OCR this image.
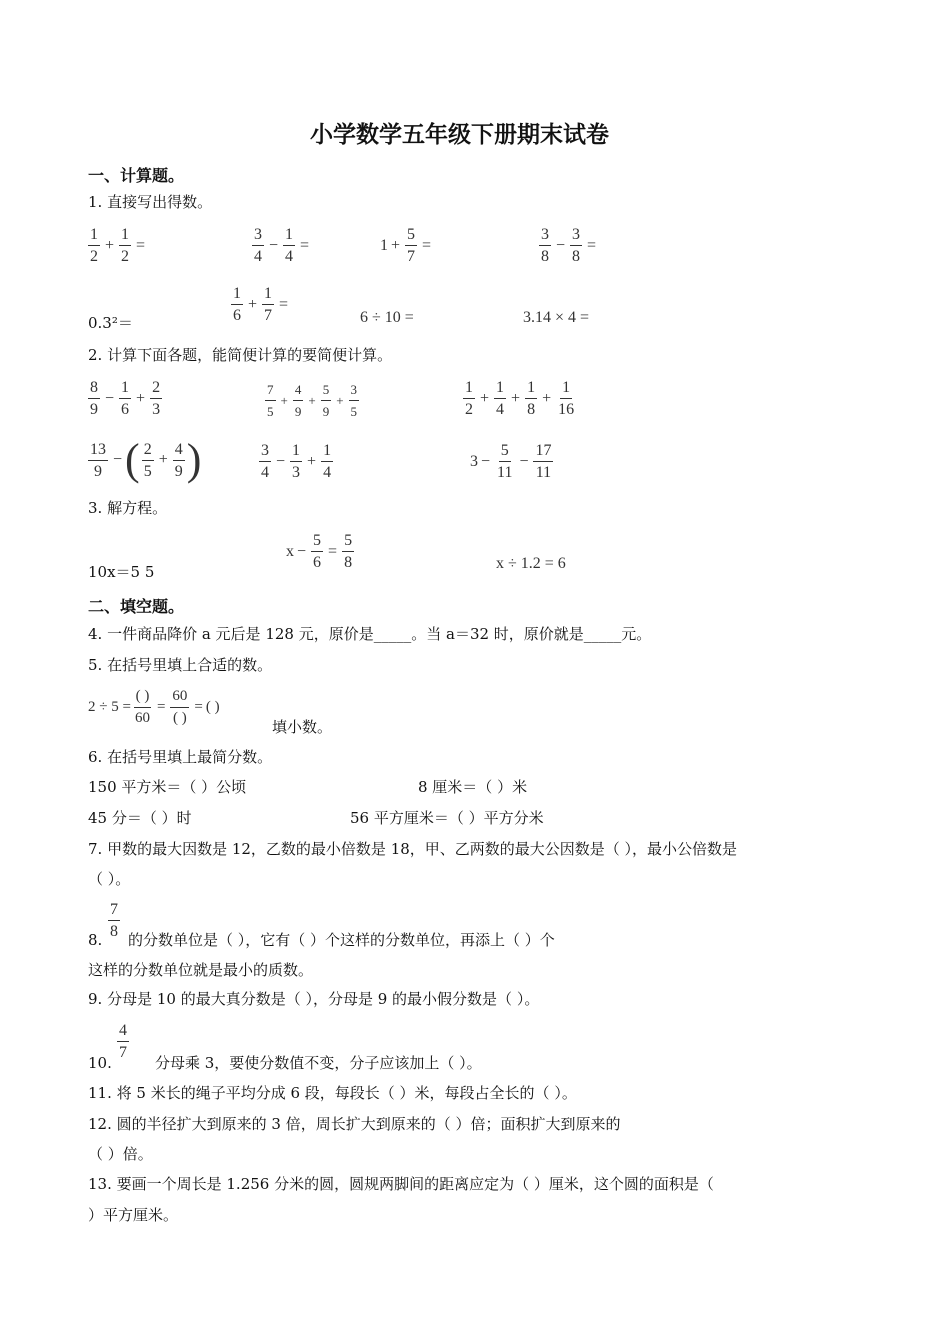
小学数学五年级下册期末试卷
一、计算题。
1. 直接写出得数。
$\frac{1}{2} + \frac{1}{2}$ =	$\frac{3}{4} - \frac{1}{4}$ =	$1 + \frac{5}{7}$ =	$\frac{3}{8} - \frac{3}{8}$ =
0.3²＝	$\frac{1}{6} + \frac{1}{7}$ =
6 ÷ 10 =	3.14 × 4 =
2. 计算下面各题，能简便计算的要简便计算。
$\frac{8}{9} - \frac{1}{6} + \frac{2}{3}$	$\frac{7}{5} + \frac{4}{9} + \frac{5}{9} + \frac{3}{5}$	$\frac{1}{2} + \frac{1}{4} + \frac{1}{8} + \frac{1}{16}$
$\frac{13}{9}$ − ( $\frac{2}{5} + \frac{4}{9}$ )	$\frac{3}{4} - \frac{1}{3} + \frac{1}{4}$	$3 - \frac{5}{11} - \frac{17}{11}$
3. 解方程。
10x＝5 5
$x - \frac{5}{6} = \frac{5}{8}$	x ÷ 1.2 = 6
二、填空题。
4. 一件商品降价 a 元后是 128 元，原价是_____。当 a＝32 时，原价就是_____元。
5. 在括号里填上合适的数。
$2 \div 5 = \frac{( )}{60} = \frac{60}{( )}$ = ( )
填小数。
6. 在括号里填上最简分数。
150 平方米＝（ ）公顷	8 厘米＝（ ）米
45 分＝（ ）时	56 平方厘米＝（ ）平方分米
7. 甲数的最大因数是 12，乙数的最小倍数是 18，甲、乙两数的最大公因数是（ ），最小公倍数是
（ ）。
$\frac{7}{8}$
8. 的分数单位是（ ），它有（ ）个这样的分数单位，再添上（ ）个
这样的分数单位就是最小的质数。
9. 分母是 10 的最大真分数是（ ），分母是 9 的最小假分数是（ ）。
$\frac{4}{7}$
10.	分母乘 3，要使分数值不变，分子应该加上（ ）。
11. 将 5 米长的绳子平均分成 6 段，每段长（ ）米，每段占全长的（ ）。
12. 圆的半径扩大到原来的 3 倍，周长扩大到原来的（ ）倍；面积扩大到原来的
（ ）倍。
13. 要画一个周长是 1.256 分米的圆，圆规两脚间的距离应定为（ ）厘米，这个圆的面积是（
）平方厘米。
